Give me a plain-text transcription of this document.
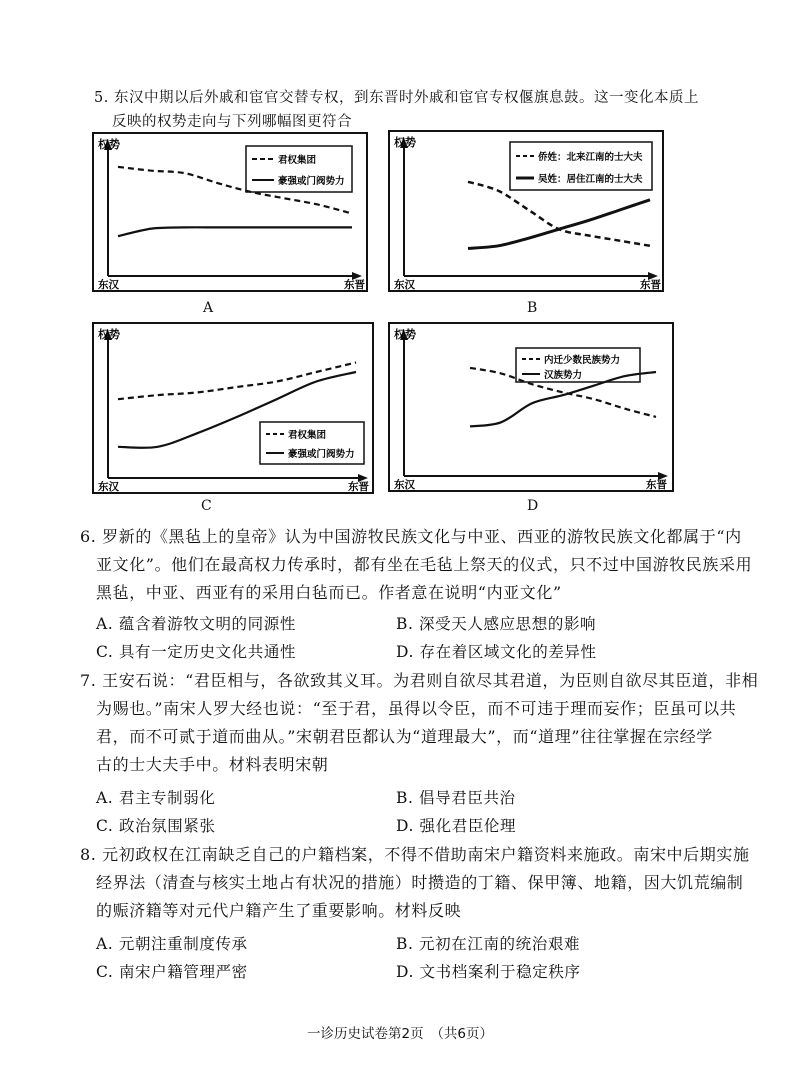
5. 东汉中期以后外戚和宦官交替专权，到东晋时外戚和宦官专权偃旗息鼓。这一变化本质上
反映的权势走向与下列哪幅图更符合
权势
东汉	东晋
君权集团
豪强或门阀势力
A
权势
东汉	东晋
侨姓：北来江南的士大夫
吴姓：居住江南的士大夫
B
权势
东汉	东晋
君权集团
豪强或门阀势力
C
权势
东汉	东晋
内迁少数民族势力
汉族势力
D
6. 罗新的《黑毡上的皇帝》认为中国游牧民族文化与中亚、西亚的游牧民族文化都属于“内
亚文化”。他们在最高权力传承时，都有坐在毛毡上祭天的仪式，只不过中国游牧民族采用
黑毡，中亚、西亚有的采用白毡而已。作者意在说明“内亚文化”
A. 蕴含着游牧文明的同源性	B. 深受天人感应思想的影响
C. 具有一定历史文化共通性	D. 存在着区域文化的差异性
7. 王安石说：“君臣相与，各欲致其义耳。为君则自欲尽其君道，为臣则自欲尽其臣道，非相
为赐也。”南宋人罗大经也说：“至于君，虽得以令臣，而不可违于理而妄作；臣虽可以共
君，而不可贰于道而曲从。”宋朝君臣都认为“道理最大”，而“道理”往往掌握在宗经学
古的士大夫手中。材料表明宋朝
A. 君主专制弱化	B. 倡导君臣共治
C. 政治氛围紧张	D. 强化君臣伦理
8. 元初政权在江南缺乏自己的户籍档案，不得不借助南宋户籍资料来施政。南宋中后期实施
经界法（清查与核实土地占有状况的措施）时攒造的丁籍、保甲簿、地籍，因大饥荒编制
的赈济籍等对元代户籍产生了重要影响。材料反映
A. 元朝注重制度传承	B. 元初在江南的统治艰难
C. 南宋户籍管理严密	D. 文书档案利于稳定秩序
一诊历史试卷第2页　（共6页）
